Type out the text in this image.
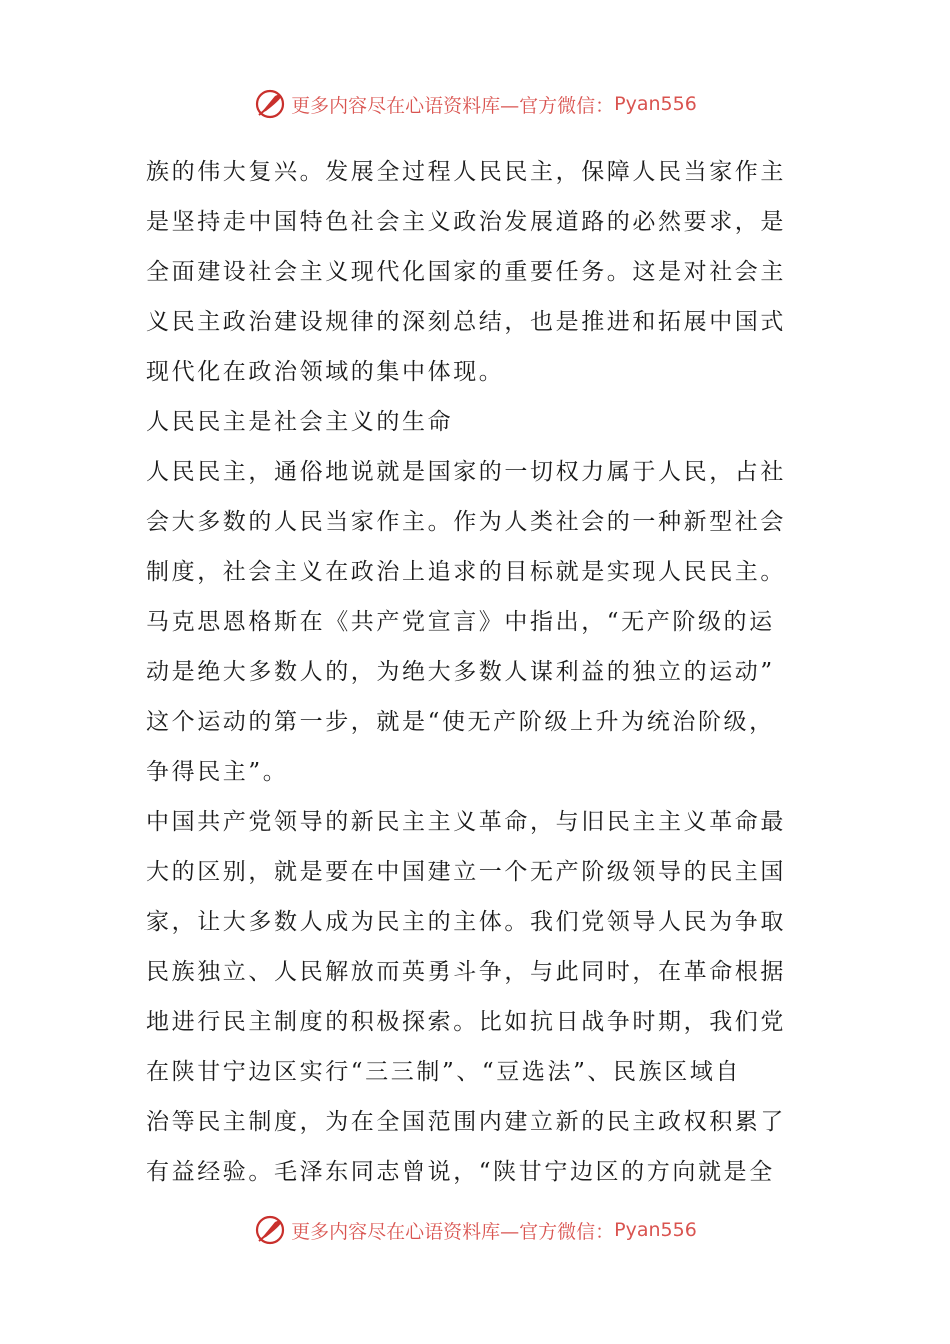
更多内容尽在心语资料库—官方微信： Pyan556
族的伟大复兴。发展全过程人民民主，保障人民当家作主
是坚持走中国特色社会主义政治发展道路的必然要求，是
全面建设社会主义现代化国家的重要任务。这是对社会主
义民主政治建设规律的深刻总结，也是推进和拓展中国式
现代化在政治领域的集中体现。
人民民主是社会主义的生命
人民民主，通俗地说就是国家的一切权力属于人民，占社
会大多数的人民当家作主。作为人类社会的一种新型社会
制度，社会主义在政治上追求的目标就是实现人民民主。
马克思恩格斯在《共产党宣言》中指出，“无产阶级的运
动是绝大多数人的，为绝大多数人谋利益的独立的运动”
这个运动的第一步，就是“使无产阶级上升为统治阶级，
争得民主”。
中国共产党领导的新民主主义革命，与旧民主主义革命最
大的区别，就是要在中国建立一个无产阶级领导的民主国
家，让大多数人成为民主的主体。我们党领导人民为争取
民族独立、人民解放而英勇斗争，与此同时，在革命根据
地进行民主制度的积极探索。比如抗日战争时期，我们党
在陕甘宁边区实行“三三制”、“豆选法”、民族区域自
治等民主制度，为在全国范围内建立新的民主政权积累了
有益经验。毛泽东同志曾说，“陕甘宁边区的方向就是全
更多内容尽在心语资料库—官方微信： Pyan556
